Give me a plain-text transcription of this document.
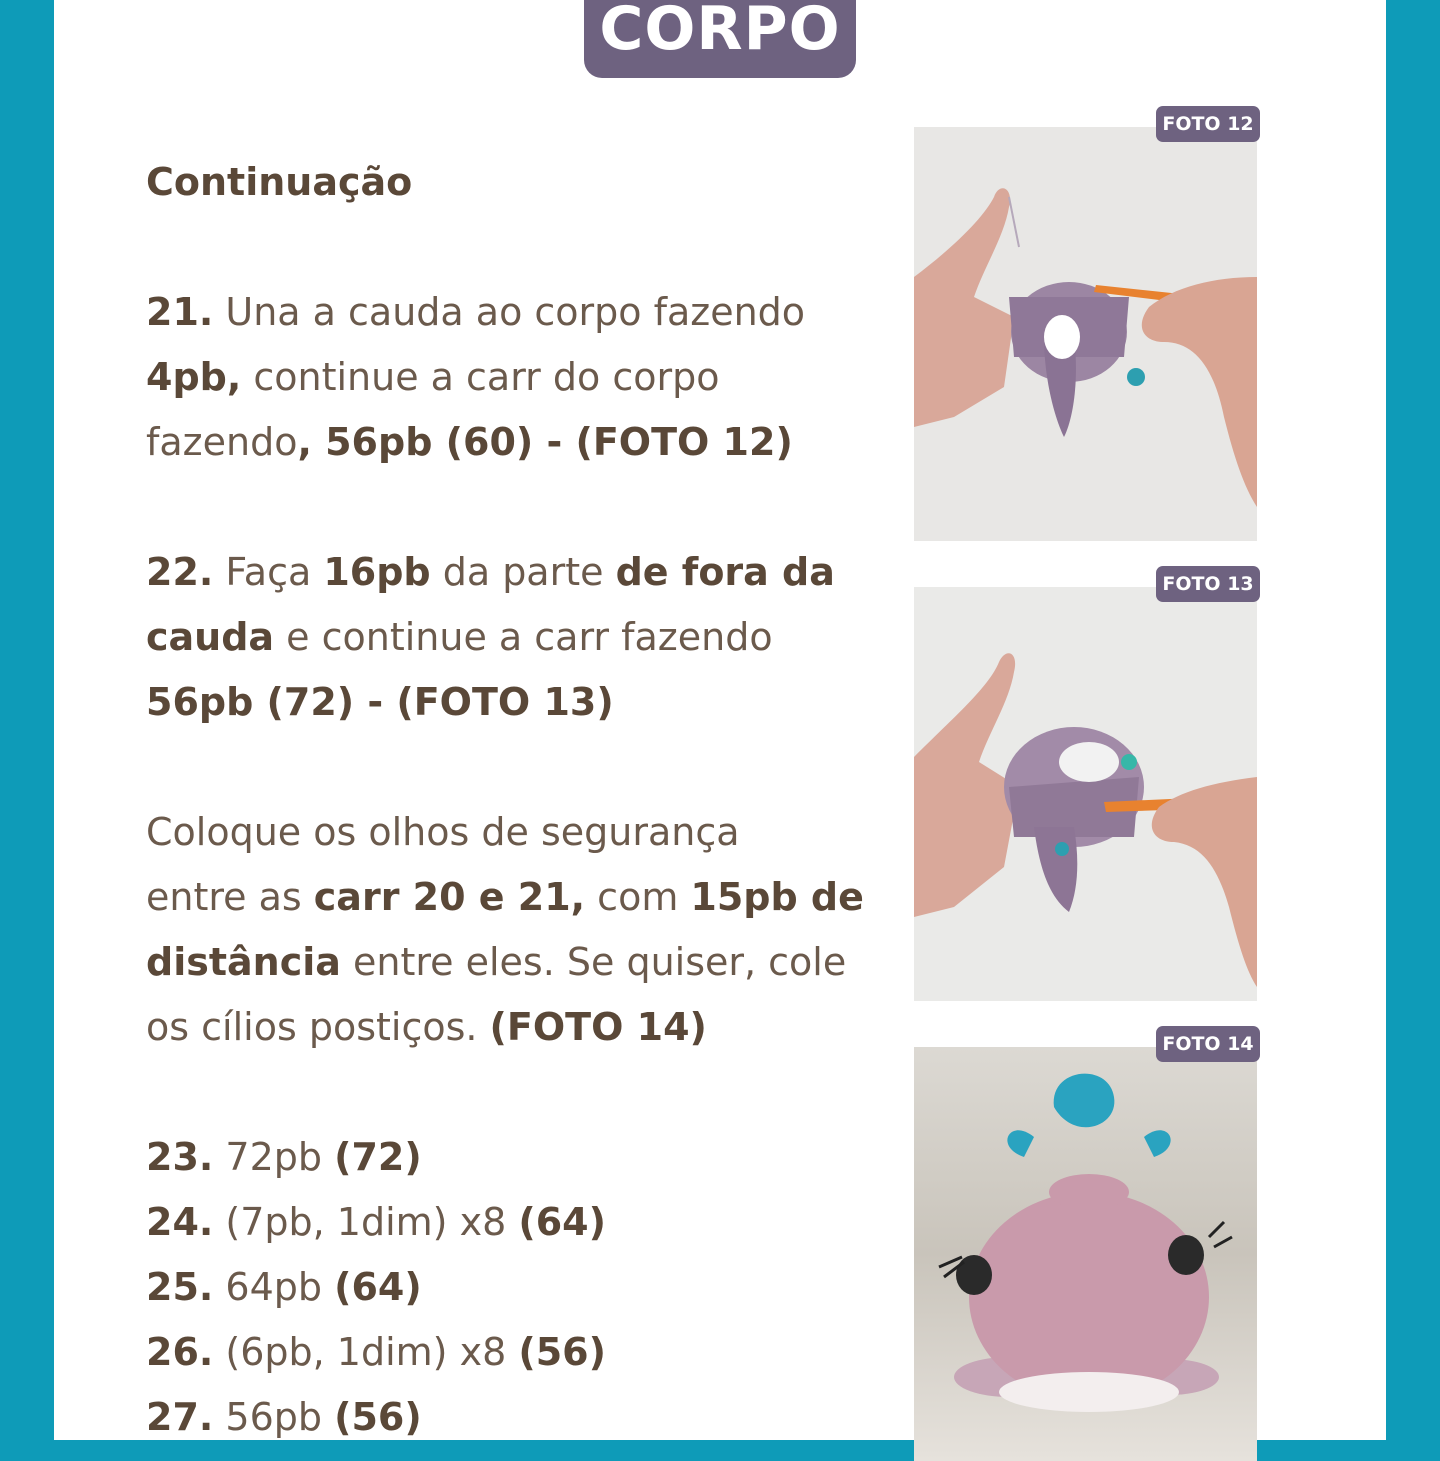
CORPO
Continuação
21. Una a cauda ao corpo fazendo
4pb, continue a carr do corpo
fazendo, 56pb (60) - (FOTO 12)
22. Faça 16pb da parte de fora da
cauda e continue a carr fazendo
56pb (72) - (FOTO 13)
Coloque os olhos de segurança
entre as carr 20 e 21, com 15pb de
distância entre eles. Se quiser, cole
os cílios postiços. (FOTO 14)
23. 72pb (72)
24. (7pb, 1dim) x8 (64)
25. 64pb (64)
26. (6pb, 1dim) x8 (56)
27. 56pb (56)
FOTO 12
FOTO 13
FOTO 14
